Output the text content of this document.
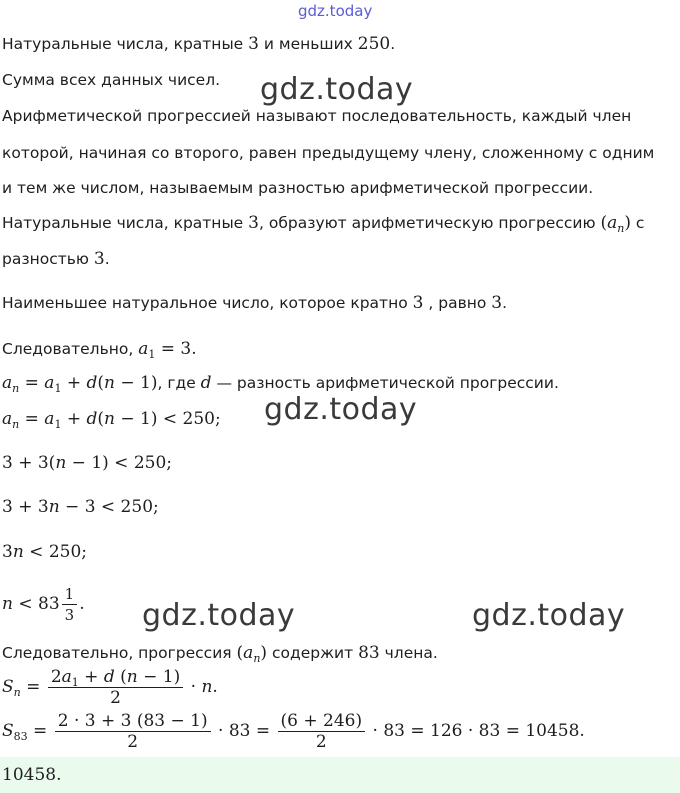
gdz.today
Натуральные числа, кратные 3 и меньших 250.
Сумма всех данных чисел. gdz.today
Арифметической прогрессией называют последовательность, каждый член
которой, начиная со второго, равен предыдущему члену, сложенному с одним
и тем же числом, называемым разностью арифметической прогрессии.
Натуральные числа, кратные 3, образуют арифметическую прогрессию $(a_n)$ с
разностью 3.
Наименьшее натуральное число, которое кратно 3 , равно 3.
Следовательно, $a_1 = 3$.
$a_n = a_1 + d(n - 1)$, где d — разность арифметической прогрессии.
$a_n = a_1 + d(n - 1) < 250$; gdz.today
3 + 3(n − 1) < 250;
3 + 3n − 3 < 250;
3n < 250;
$n < 83 \frac{1}{3}$ . gdz.today	gdz.today
Следовательно, прогрессия $(a_n)$ содержит 83 члена.
$S_n = \frac{2a_1 + d (n - 1)}{2} \cdot n$.
$S_{83} = \frac{2 \cdot 3 + 3 (83 - 1)}{2} \cdot 83 = \frac{(6 + 246)}{2} \cdot 83 = 126 \cdot 83 = 10458$.
10458.
